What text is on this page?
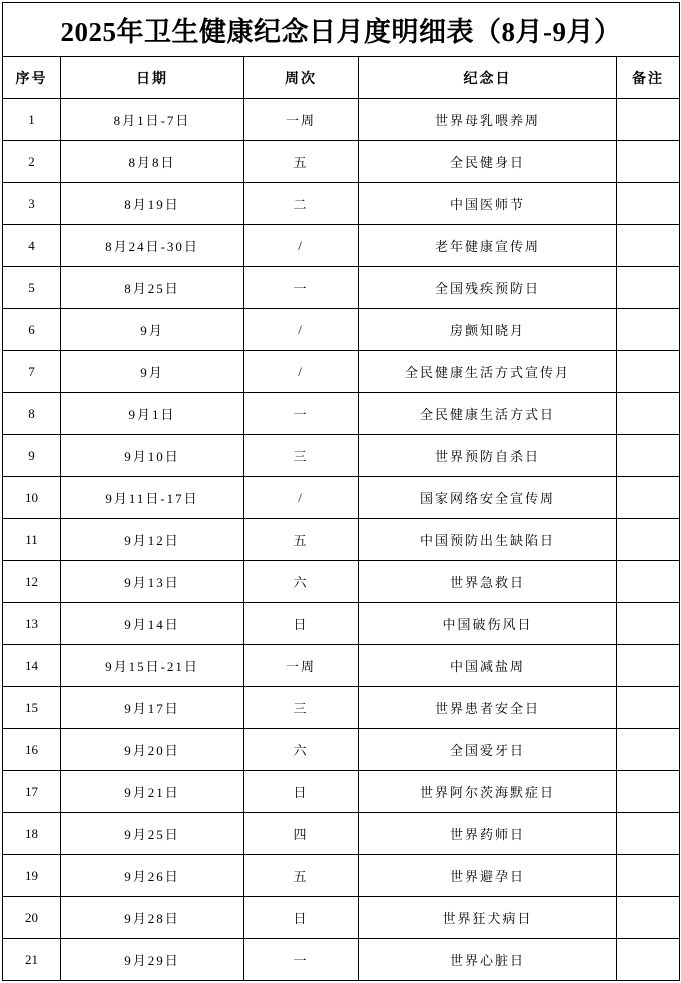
2025年卫生健康纪念日月度明细表（8月-9月）				
序号	日期	周次	纪念日	备注
1	8月1日-7日	一周	世界母乳喂养周	
2	8月8日	五	全民健身日	
3	8月19日	二	中国医师节	
4	8月24日-30日	/	老年健康宣传周	
5	8月25日	一	全国残疾预防日	
6	9月	/	房颤知晓月	
7	9月	/	全民健康生活方式宣传月	
8	9月1日	一	全民健康生活方式日	
9	9月10日	三	世界预防自杀日	
10	9月11日-17日	/	国家网络安全宣传周	
11	9月12日	五	中国预防出生缺陷日	
12	9月13日	六	世界急救日	
13	9月14日	日	中国破伤风日	
14	9月15日-21日	一周	中国减盐周	
15	9月17日	三	世界患者安全日	
16	9月20日	六	全国爱牙日	
17	9月21日	日	世界阿尔茨海默症日	
18	9月25日	四	世界药师日	
19	9月26日	五	世界避孕日	
20	9月28日	日	世界狂犬病日	
21	9月29日	一	世界心脏日	
